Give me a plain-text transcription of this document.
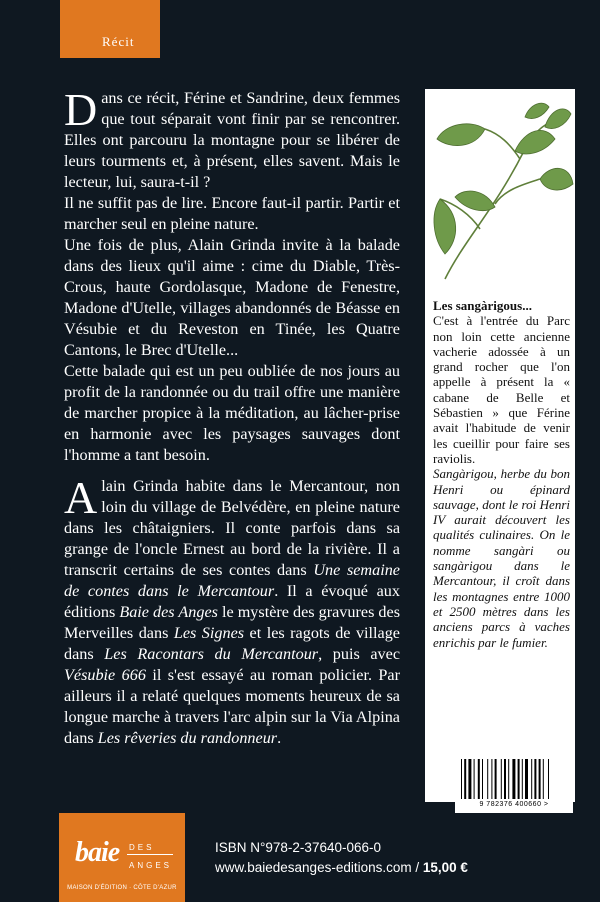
Récit

Dans ce récit, Férine et Sandrine, deux femmes que tout séparait vont finir par se rencontrer. Elles ont parcouru la montagne pour se libérer de leurs tourments et, à présent, elles savent. Mais le lecteur, lui, saura-t-il ?

Il ne suffit pas de lire. Encore faut-il partir. Partir et marcher seul en pleine nature.

Une fois de plus, Alain Grinda invite à la balade dans des lieux qu'il aime : cime du Diable, Très-Crous, haute Gordolasque, Madone de Fenestre, Madone d'Utelle, villages abandonnés de Béasse en Vésubie et du Reveston en Tinée, les Quatre Cantons, le Brec d'Utelle...

Cette balade qui est un peu oubliée de nos jours au profit de la randonnée ou du trail offre une manière de marcher propice à la méditation, au lâcher-prise en harmonie avec les paysages sauvages dont l'homme a tant besoin.

Alain Grinda habite dans le Mercantour, non loin du village de Belvédère, en pleine nature dans les châtaigniers. Il conte parfois dans sa grange de l'oncle Ernest au bord de la rivière. Il a transcrit certains de ses contes dans Une semaine de contes dans le Mercantour. Il a évoqué aux éditions Baie des Anges le mystère des gravures des Merveilles dans Les Signes et les ragots de village dans Les Racontars du Mercantour, puis avec Vésubie 666 il s'est essayé au roman policier. Par ailleurs il a relaté quelques moments heureux de sa longue marche à travers l'arc alpin sur la Via Alpina dans Les rêveries du randonneur.

Les sangàrigous...
C'est à l'entrée du Parc non loin cette ancienne vacherie adossée à un grand rocher que l'on appelle à présent la « cabane de Belle et Sébastien » que Férine avait l'habitude de venir les cueillir pour faire ses raviolis.
Sangàrigou, herbe du bon Henri ou épinard sauvage, dont le roi Henri IV aurait découvert les qualités culinaires. On le nomme sangàri ou sangàrigou dans le Mercantour, il croît dans les montagnes entre 1000 et 2500 mètres dans les anciens parcs à vaches enrichis par le fumier.
9 782376 400660 >
baie DES
ANGES
MAISON D'ÉDITION · CÔTE D'AZUR
ISBN N°978-2-37640-066-0
www.baiedesanges-editions.com / 15,00 €
